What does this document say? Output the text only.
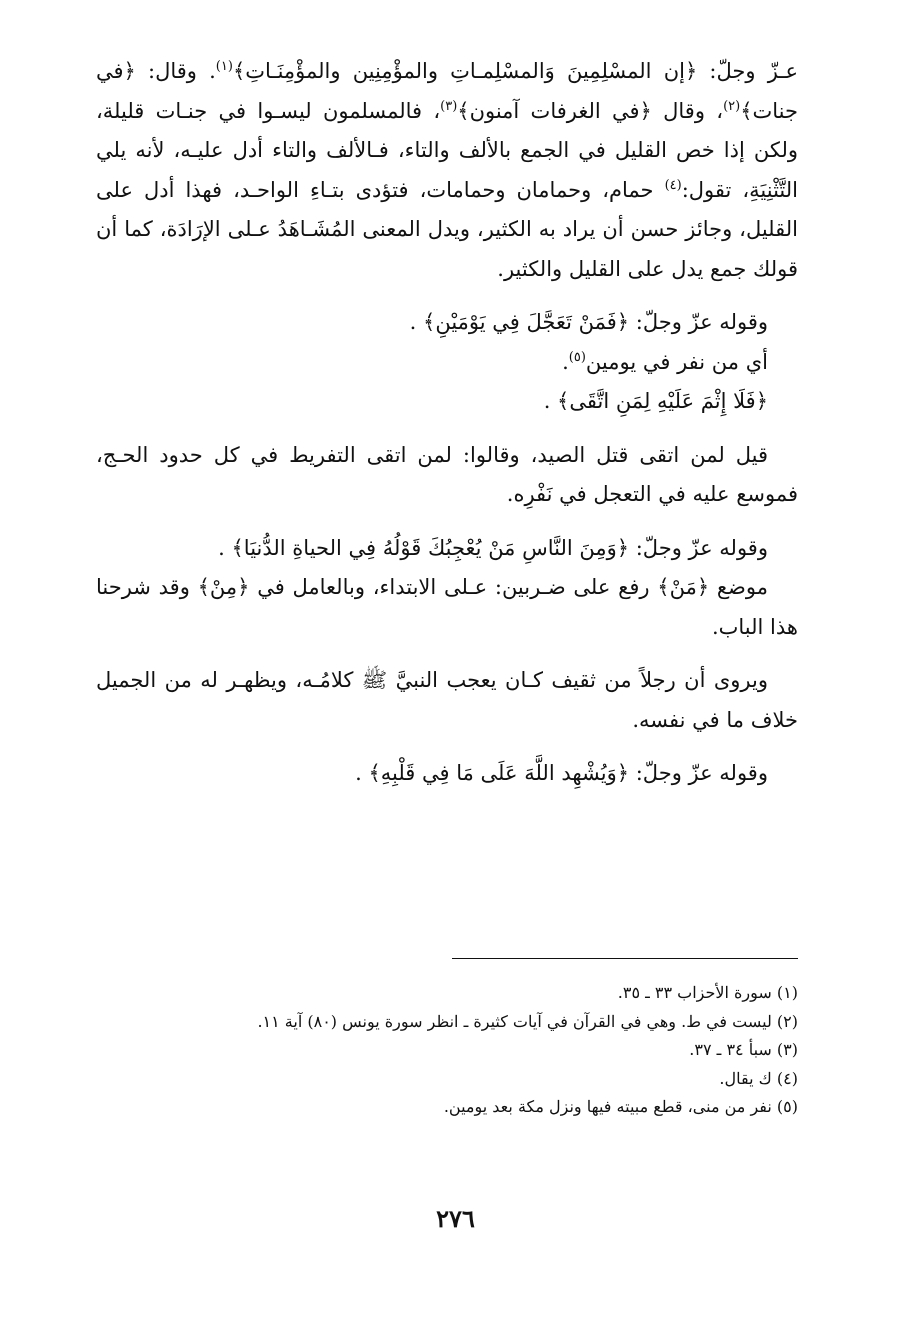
عـزّ وجلّ: ﴿إن المسْلِمِينَ وَالمسْلِمـاتِ والمؤْمِنِين والمؤْمِنَـاتِ﴾$^{(١)}$. وقال: ﴿في جنات﴾$^{(٢)}$، وقال ﴿في الغرفات آمنون﴾$^{(٣)}$، فالمسلمون ليسـوا في جنـات قليلة، ولكن إذا خص القليل في الجمع بالألف والتاء، فـالألف والتاء أدل عليـه، لأنه يلي التَّثْنِيَةِ، تقول:$^{(٤)}$ حمام، وحمامان وحمامات، فتؤدى بتـاءِ الواحـد، فهذا أدل على القليل، وجائز حسن أن يراد به الكثير، ويدل المعنى المُشَـاهَدُ عـلى الإرَادَة، كما أن قولك جمع يدل على القليل والكثير.

وقوله عزّ وجلّ: ﴿فَمَنْ تَعَجَّلَ فِي يَوْمَيْنِ﴾ .

أي من نفر في يومين$^{(٥)}$.

﴿فَلَا إِثْمَ عَلَيْهِ لِمَنِ اتَّقَى﴾ .

قيل لمن اتقى قتل الصيد، وقالوا: لمن اتقى التفريط في كل حدود الحـج، فموسع عليه في التعجل في نَفْرِه.

وقوله عزّ وجلّ: ﴿وَمِنَ النَّاسِ مَنْ يُعْجِبُكَ قَوْلُهُ فِي الحياةِ الدُّنيَا﴾ .

موضع ﴿مَنْ﴾ رفع على ضـربين: عـلى الابتداء، وبالعامل في ﴿مِنْ﴾ وقد شرحنا هذا الباب.

ويروى أن رجلاً من ثقيف كـان يعجب النبيَّ ﷺ كلامُـه، ويظهـر له من الجميل خلاف ما في نفسه.

وقوله عزّ وجلّ: ﴿وَيُشْهِد اللَّهَ عَلَى مَا فِي قَلْبِهِ﴾ .

(١) سورة الأحزاب ٣٣ ـ ٣٥.

(٢) ليست في ط. وهي في القرآن في آيات كثيرة ـ انظر سورة يونس (٨٠) آية ١١.

(٣) سبأ ٣٤ ـ ٣٧.

(٤) ك يقال.

(٥) نفر من منى، قطع مبيته فيها ونزل مكة بعد يومين.

٢٧٦
